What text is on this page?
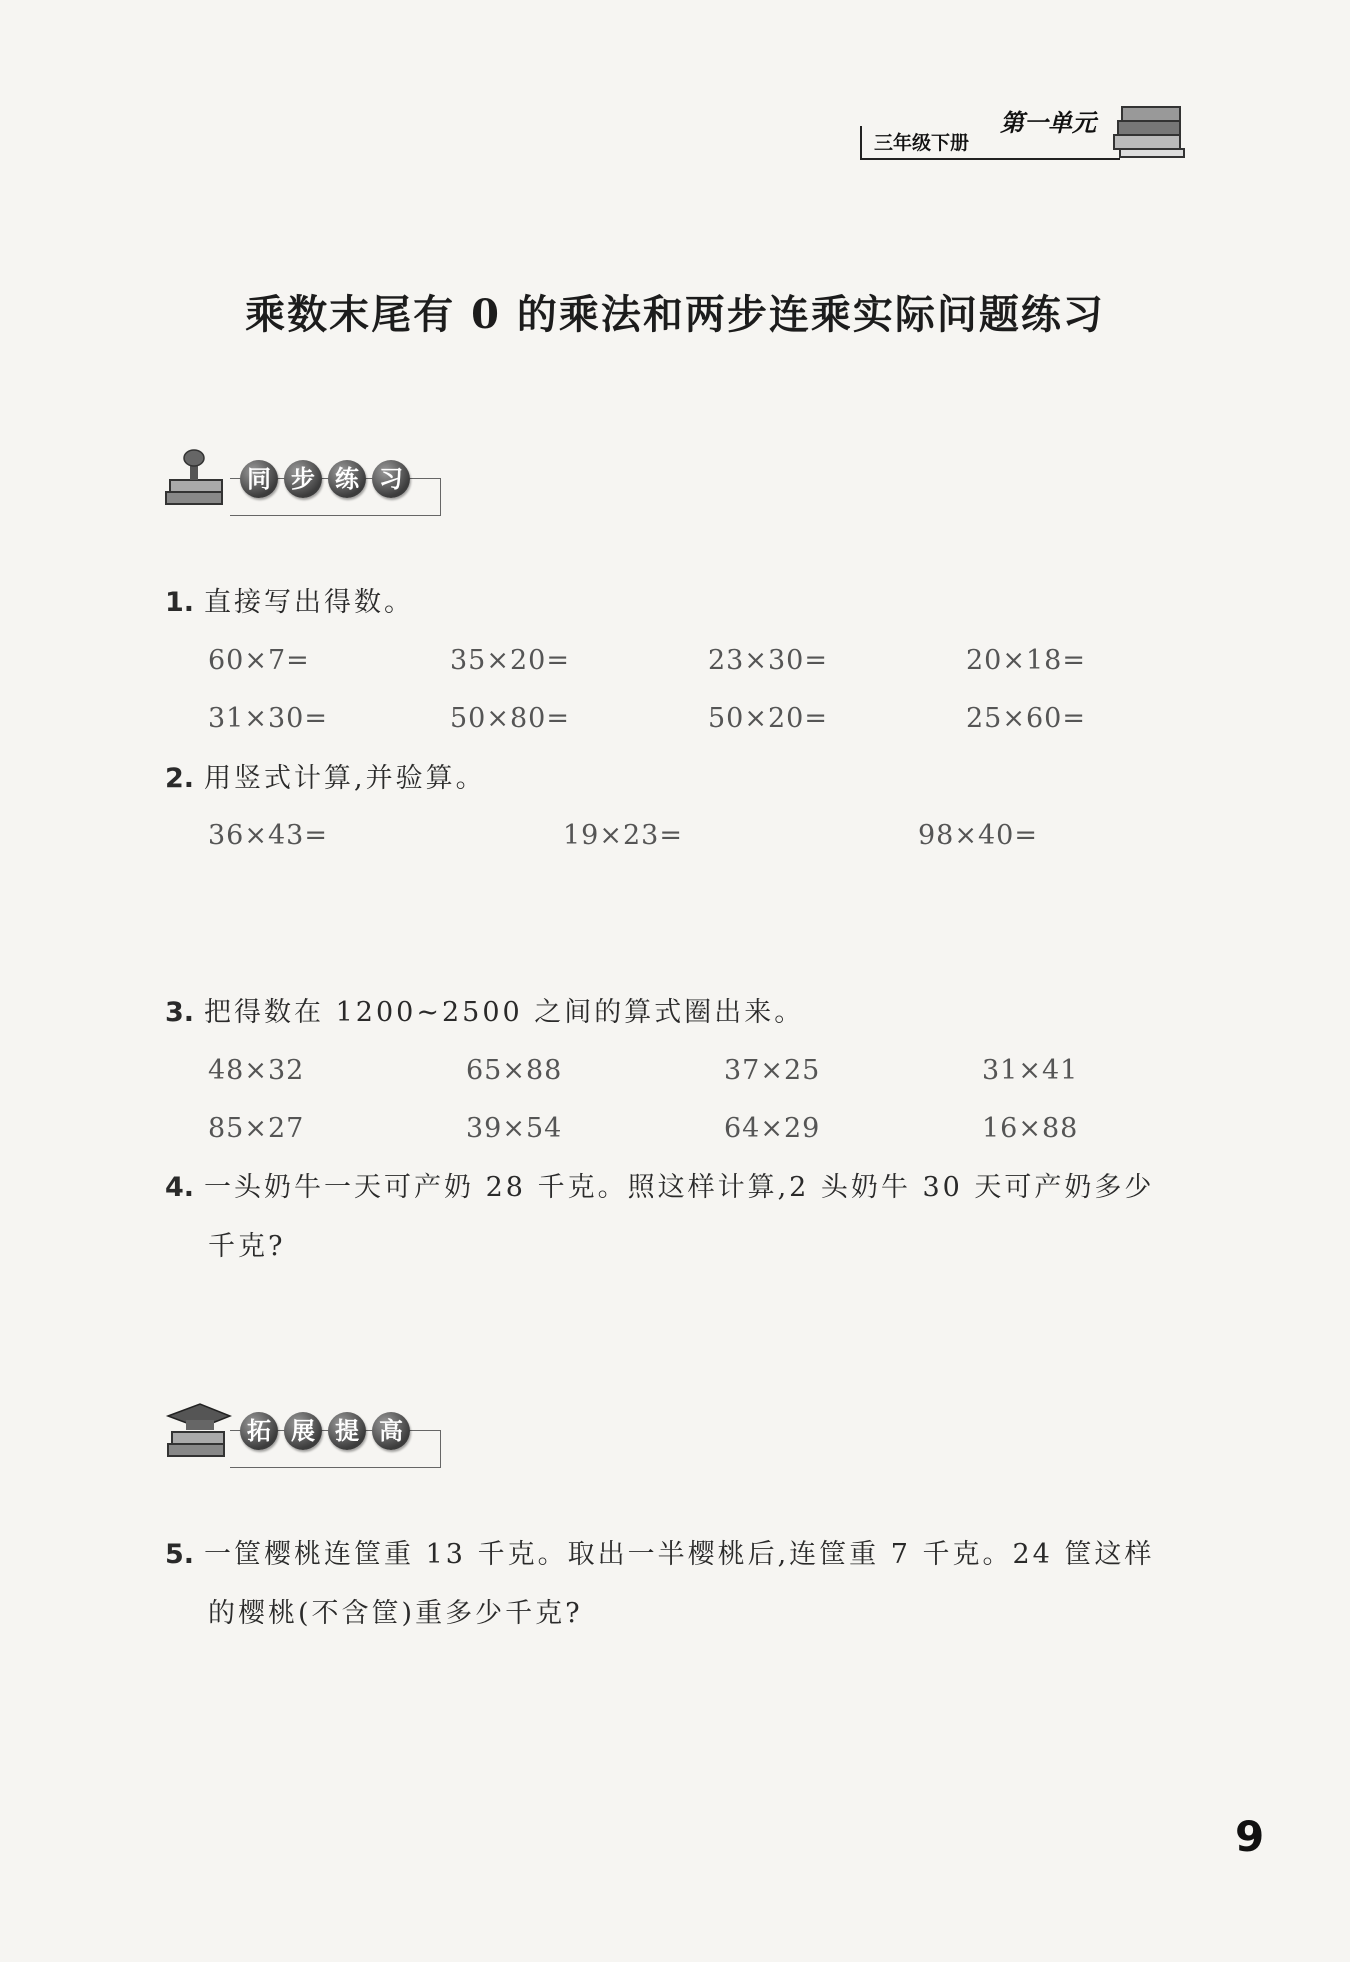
第一单元
三年级下册
乘数末尾有 0 的乘法和两步连乘实际问题练习
同 步 练 习
1. 直接写出得数。
60×7=	35×20=	23×30=	20×18=
31×30=	50×80=	50×20=	25×60=
2. 用竖式计算,并验算。
36×43=	19×23=	98×40=
3. 把得数在 1200~2500 之间的算式圈出来。
48×32	65×88	37×25	31×41
85×27	39×54	64×29	16×88
4. 一头奶牛一天可产奶 28 千克。照这样计算,2 头奶牛 30 天可产奶多少
千克?
拓 展 提 高
5. 一筐樱桃连筐重 13 千克。取出一半樱桃后,连筐重 7 千克。24 筐这样
的樱桃(不含筐)重多少千克?
9
